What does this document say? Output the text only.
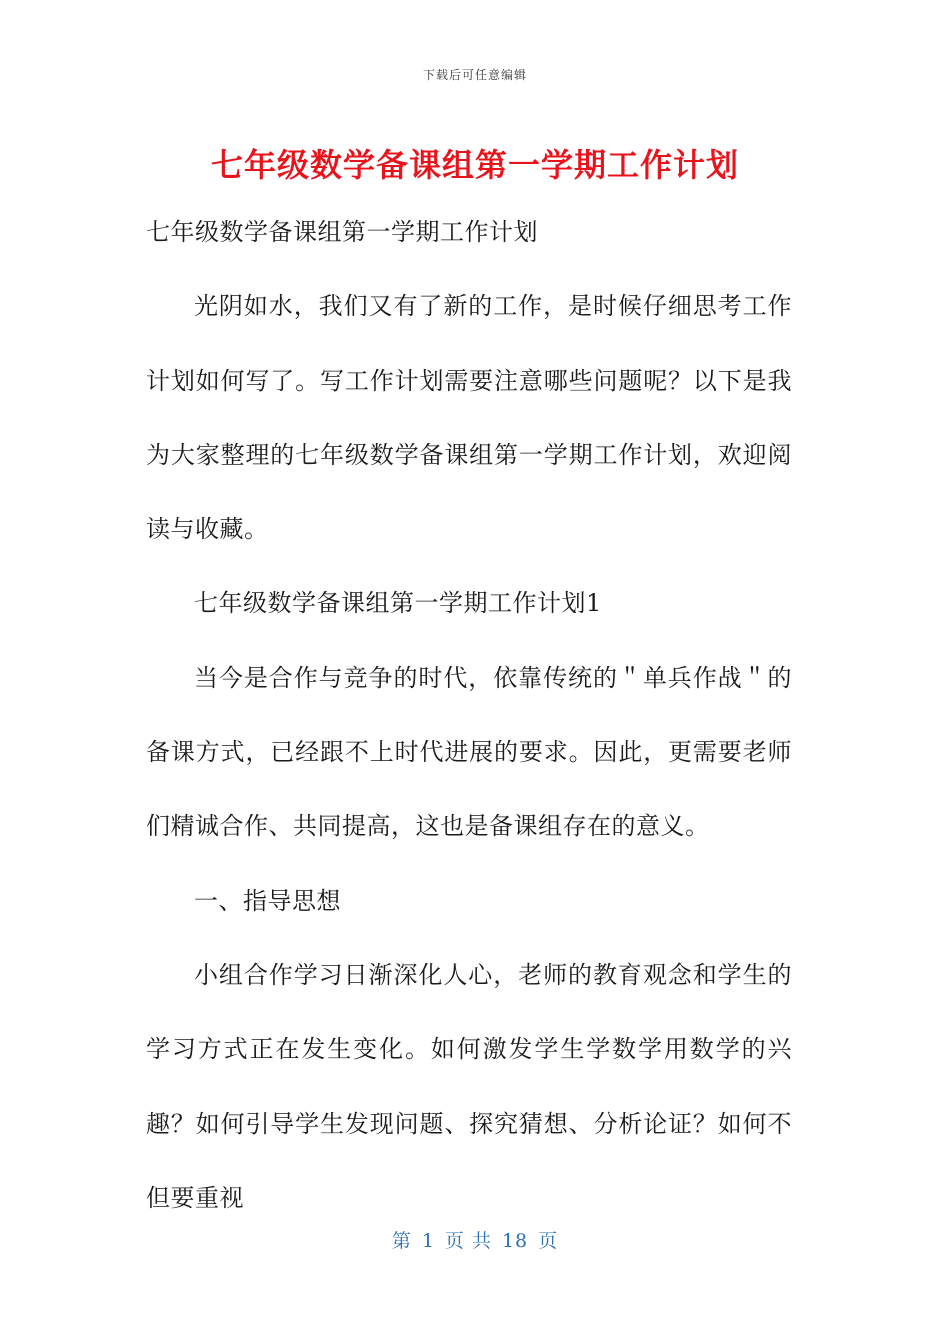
下载后可任意编辑
七年级数学备课组第一学期工作计划

七年级数学备课组第一学期工作计划

光阴如水，我们又有了新的工作，是时候仔细思考工作计划如何写了。写工作计划需要注意哪些问题呢？以下是我为大家整理的七年级数学备课组第一学期工作计划，欢迎阅读与收藏。

七年级数学备课组第一学期工作计划1

当今是合作与竞争的时代，依靠传统的＂单兵作战＂的备课方式，已经跟不上时代进展的要求。因此，更需要老师们精诚合作、共同提高，这也是备课组存在的意义。

一、指导思想

小组合作学习日渐深化人心，老师的教育观念和学生的学习方式正在发生变化。如何激发学生学数学用数学的兴趣？如何引导学生发现问题、探究猜想、分析论证？如何不但要重视

第 1 页 共 18 页
